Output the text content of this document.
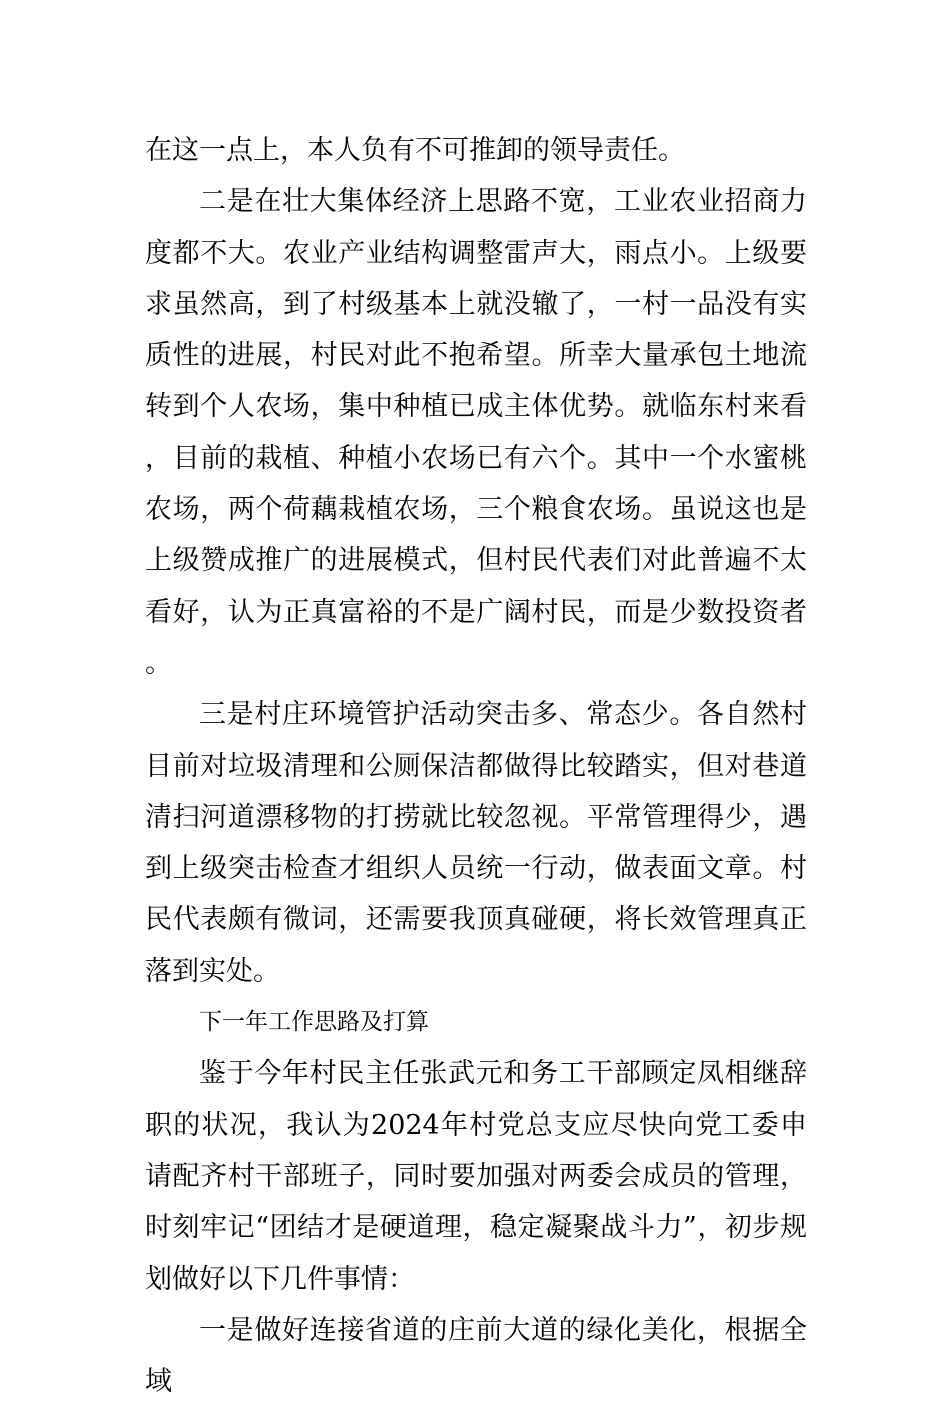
在这一点上，本人负有不可推卸的领导责任。

二是在壮大集体经济上思路不宽，工业农业招商力度都不大。农业产业结构调整雷声大，雨点小。上级要求虽然高，到了村级基本上就没辙了，一村一品没有实质性的进展，村民对此不抱希望。所幸大量承包土地流转到个人农场，集中种植已成主体优势。就临东村来看，目前的栽植、种植小农场已有六个。其中一个水蜜桃农场，两个荷藕栽植农场，三个粮食农场。虽说这也是上级赞成推广的进展模式，但村民代表们对此普遍不太看好，认为正真富裕的不是广阔村民，而是少数投资者。

三是村庄环境管护活动突击多、常态少。各自然村目前对垃圾清理和公厕保洁都做得比较踏实，但对巷道清扫河道漂移物的打捞就比较忽视。平常管理得少，遇到上级突击检查才组织人员统一行动，做表面文章。村民代表颇有微词，还需要我顶真碰硬，将长效管理真正落到实处。

下一年工作思路及打算

鉴于今年村民主任张武元和务工干部顾定凤相继辞职的状况，我认为2024年村党总支应尽快向党工委申请配齐村干部班子，同时要加强对两委会成员的管理，时刻牢记“团结才是硬道理，稳定凝聚战斗力”，初步规划做好以下几件事情：

一是做好连接省道的庄前大道的绿化美化，根据全域
